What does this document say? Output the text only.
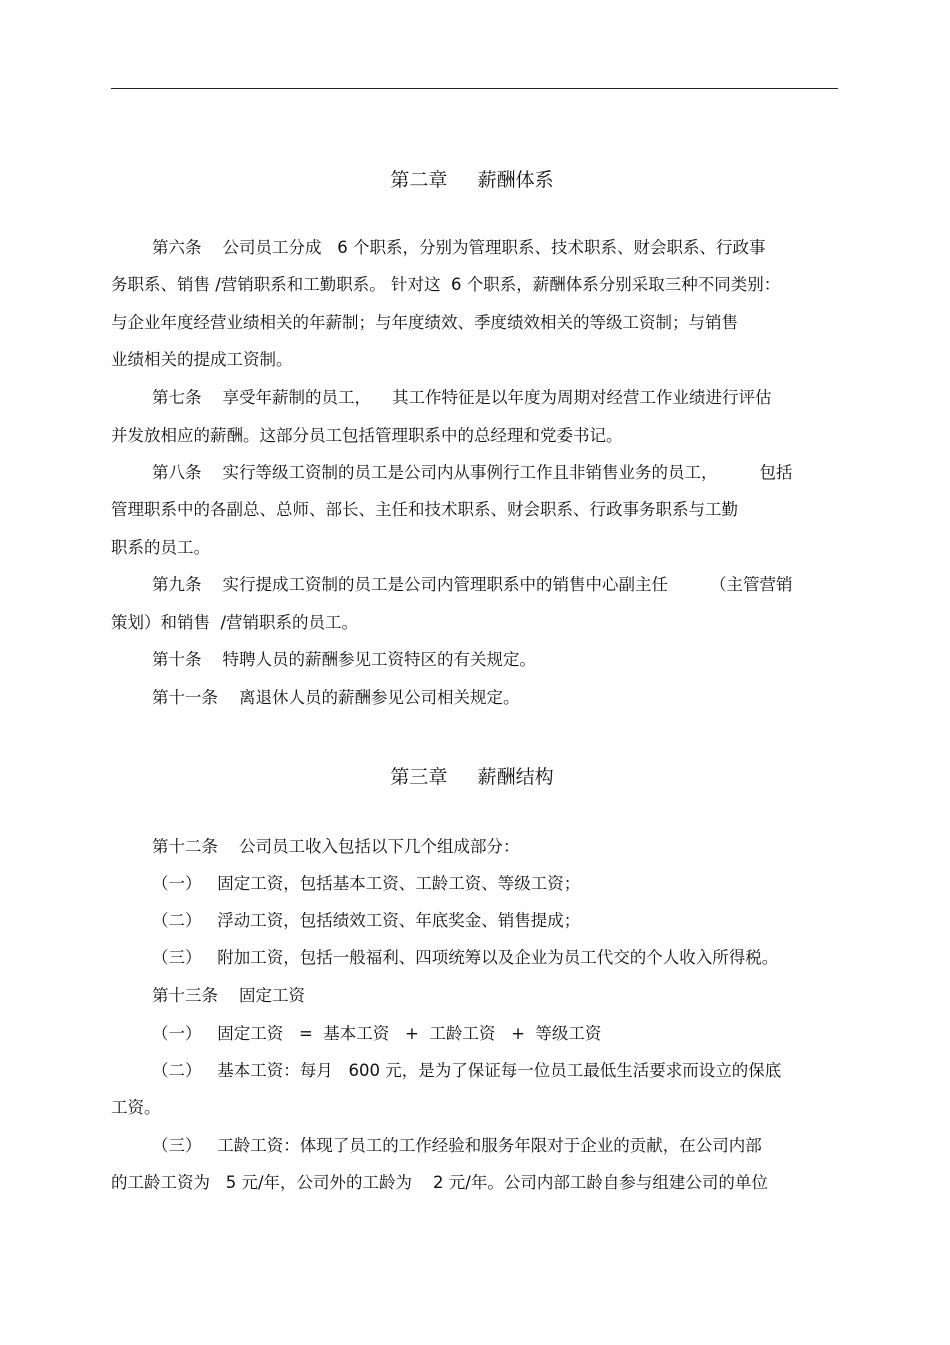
第二章     薪酬体系
第六条    公司员工分成   6 个职系，分别为管理职系、技术职系、财会职系、行政事
务职系、销售 /营销职系和工勤职系。 针对这  6 个职系，薪酬体系分别采取三种不同类别：
与企业年度经营业绩相关的年薪制；与年度绩效、季度绩效相关的等级工资制；与销售
业绩相关的提成工资制。
第七条    享受年薪制的员工，    其工作特征是以年度为周期对经营工作业绩进行评估
并发放相应的薪酬。这部分员工包括管理职系中的总经理和党委书记。
第八条    实行等级工资制的员工是公司内从事例行工作且非销售业务的员工，        包括
管理职系中的各副总、总师、部长、主任和技术职系、财会职系、行政事务职系与工勤
职系的员工。
第九条    实行提成工资制的员工是公司内管理职系中的销售中心副主任        （主管营销
策划）和销售  /营销职系的员工。
第十条    特聘人员的薪酬参见工资特区的有关规定。
第十一条    离退休人员的薪酬参见公司相关规定。
第三章     薪酬结构
第十二条    公司员工收入包括以下几个组成部分：
（一）   固定工资，包括基本工资、工龄工资、等级工资；
（二）   浮动工资，包括绩效工资、年底奖金、销售提成；
（三）   附加工资，包括一般福利、四项统筹以及企业为员工代交的个人收入所得税。
第十三条    固定工资
（一）   固定工资   =  基本工资   +  工龄工资   +  等级工资
（二）   基本工资：每月   600 元，是为了保证每一位员工最低生活要求而设立的保底
工资。
（三）   工龄工资：体现了员工的工作经验和服务年限对于企业的贡献，在公司内部
的工龄工资为   5 元/年，公司外的工龄为    2 元/年。公司内部工龄自参与组建公司的单位
